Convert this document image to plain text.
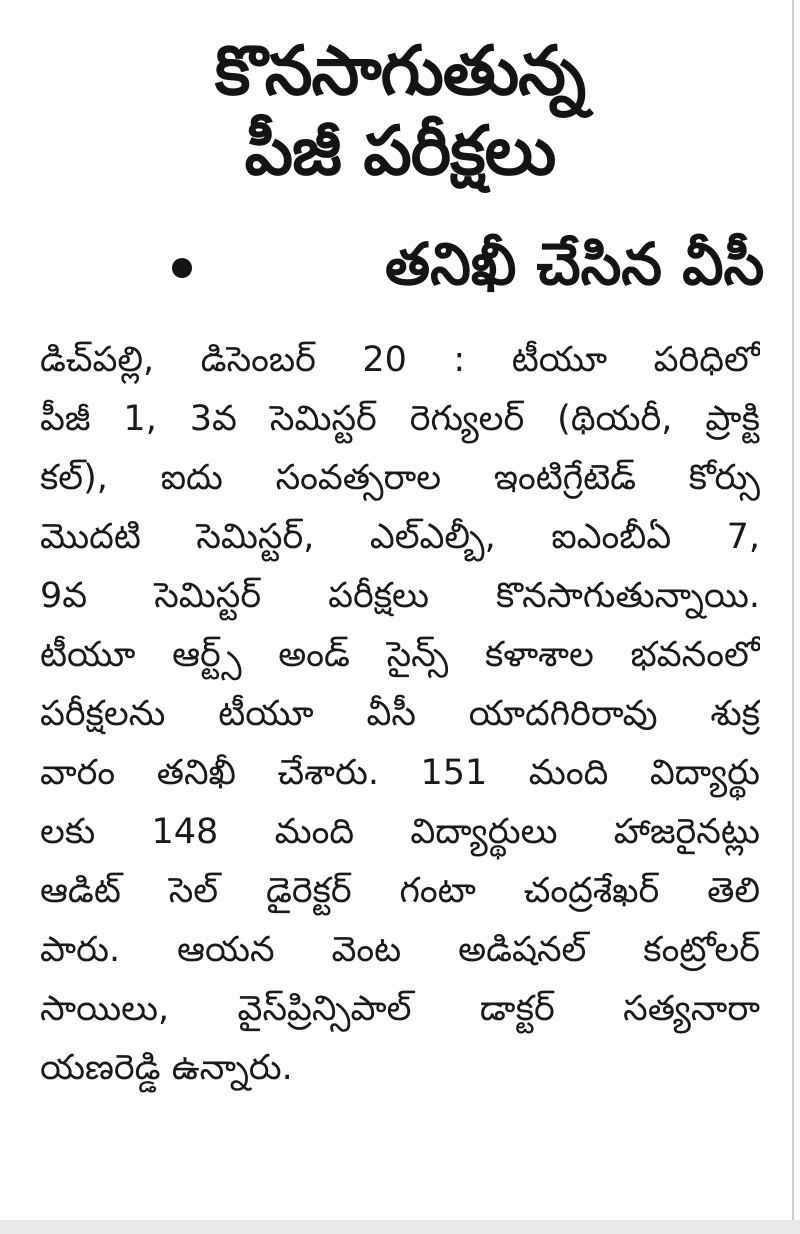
కొనసాగుతున్న
పీజీ పరీక్షలు
తనిఖీ చేసిన వీసీ
డిచ్‌పల్లి, డిసెంబర్ 20 : టీయూ పరిధిలో
పీజీ 1, 3వ సెమిస్టర్ రెగ్యులర్ (థియరీ, ప్రాక్టి
కల్), ఐదు సంవత్సరాల ఇంటిగ్రేటెడ్ కోర్సు
మొదటి సెమిస్టర్, ఎల్ఎల్బీ, ఐఎంబీఏ 7,
9వ సెమిస్టర్ పరీక్షలు కొనసాగుతున్నాయి.
టీయూ ఆర్ట్స్ అండ్ సైన్స్ కళాశాల భవనంలో
పరీక్షలను టీయూ వీసీ యాదగిరిరావు శుక్ర
వారం తనిఖీ చేశారు. 151 మంది విద్యార్థు
లకు 148 మంది విద్యార్థులు హాజరైనట్లు
ఆడిట్ సెల్ డైరెక్టర్ గంటా చంద్రశేఖర్ తెలి
పారు. ఆయన వెంట అడిషనల్ కంట్రోలర్
సాయిలు, వైస్‌ప్రిన్సిపాల్ డాక్టర్ సత్యనారా
యణరెడ్డి ఉన్నారు.
